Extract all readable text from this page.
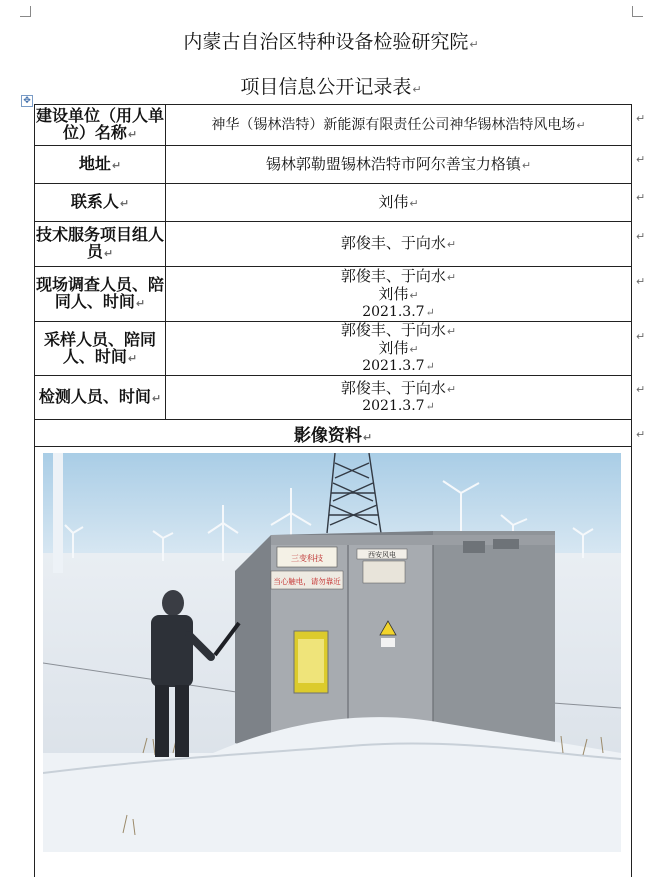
内蒙古自治区特种设备检验研究院↵
项目信息公开记录表↵
✥
建设单位（用人单位）名称↵	神华（锡林浩特）新能源有限责任公司神华锡林浩特风电场↵
地址↵	锡林郭勒盟锡林浩特市阿尔善宝力格镇↵
联系人↵	刘伟↵
技术服务项目组人员↵	郭俊丰、于向水↵
现场调查人员、陪同人、时间↵	郭俊丰、于向水↵
刘伟↵
2021.3.7↵

采样人员、陪同人、时间↵	郭俊丰、于向水↵
刘伟↵
2021.3.7↵

检测人员、时间↵	郭俊丰、于向水↵
2021.3.7↵

影像资料↵	

↵
↵
↵
↵
↵
↵
↵
↵
三变科技	西安风电
当心触电，请勿靠近
